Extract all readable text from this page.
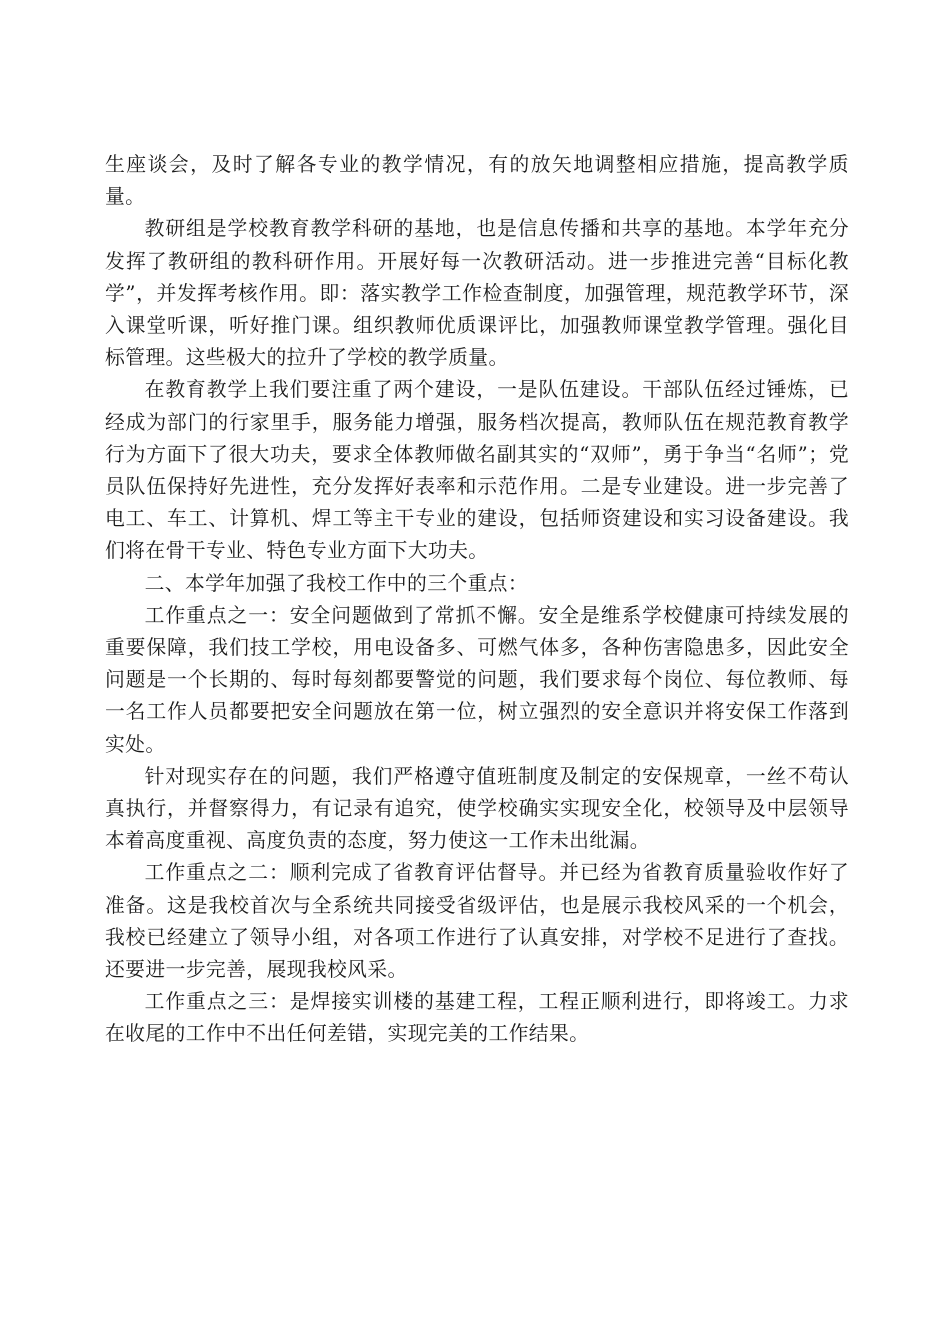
生座谈会，及时了解各专业的教学情况，有的放矢地调整相应措施，提高教学质量。

教研组是学校教育教学科研的基地，也是信息传播和共享的基地。本学年充分发挥了教研组的教科研作用。开展好每一次教研活动。进一步推进完善“目标化教学”，并发挥考核作用。即：落实教学工作检查制度，加强管理，规范教学环节，深入课堂听课，听好推门课。组织教师优质课评比，加强教师课堂教学管理。强化目标管理。这些极大的拉升了学校的教学质量。

在教育教学上我们要注重了两个建设，一是队伍建设。干部队伍经过锤炼，已经成为部门的行家里手，服务能力增强，服务档次提高，教师队伍在规范教育教学行为方面下了很大功夫，要求全体教师做名副其实的“双师”，勇于争当“名师”；党员队伍保持好先进性，充分发挥好表率和示范作用。二是专业建设。进一步完善了电工、车工、计算机、焊工等主干专业的建设，包括师资建设和实习设备建设。我们将在骨干专业、特色专业方面下大功夫。

二、本学年加强了我校工作中的三个重点：

工作重点之一：安全问题做到了常抓不懈。安全是维系学校健康可持续发展的重要保障，我们技工学校，用电设备多、可燃气体多，各种伤害隐患多，因此安全问题是一个长期的、每时每刻都要警觉的问题，我们要求每个岗位、每位教师、每一名工作人员都要把安全问题放在第一位，树立强烈的安全意识并将安保工作落到实处。

针对现实存在的问题，我们严格遵守值班制度及制定的安保规章，一丝不苟认真执行，并督察得力，有记录有追究，使学校确实实现安全化，校领导及中层领导本着高度重视、高度负责的态度，努力使这一工作未出纰漏。

工作重点之二：顺利完成了省教育评估督导。并已经为省教育质量验收作好了准备。这是我校首次与全系统共同接受省级评估，也是展示我校风采的一个机会，我校已经建立了领导小组，对各项工作进行了认真安排，对学校不足进行了查找。还要进一步完善，展现我校风采。

工作重点之三：是焊接实训楼的基建工程，工程正顺利进行，即将竣工。力求在收尾的工作中不出任何差错，实现完美的工作结果。
